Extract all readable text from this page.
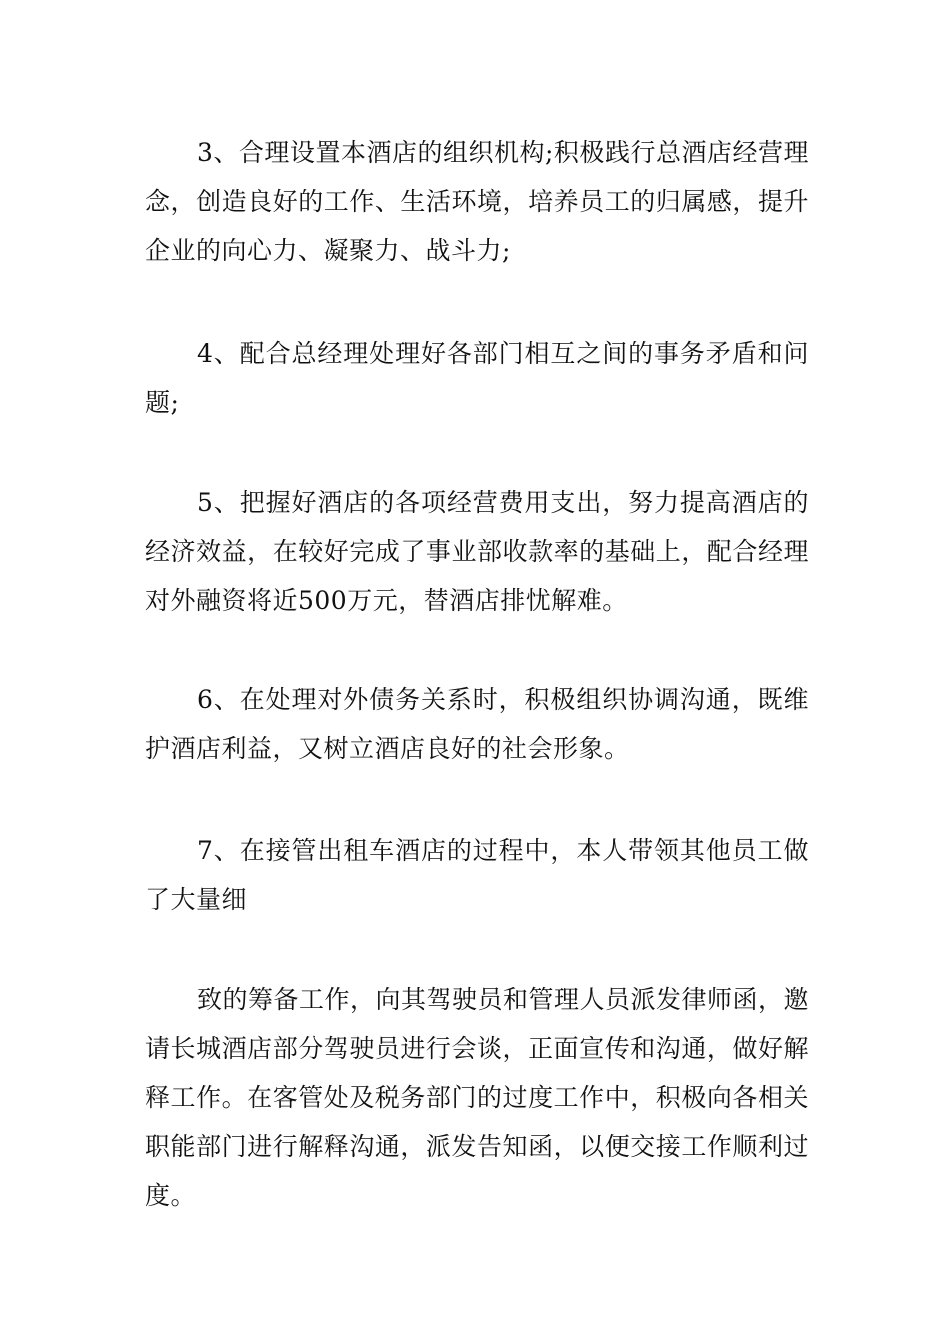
3、合理设置本酒店的组织机构;积极践行总酒店经营理念，创造良好的工作、生活环境，培养员工的归属感，提升企业的向心力、凝聚力、战斗力;

4、配合总经理处理好各部门相互之间的事务矛盾和问题;

5、把握好酒店的各项经营费用支出，努力提高酒店的经济效益，在较好完成了事业部收款率的基础上，配合经理对外融资将近500万元，替酒店排忧解难。

6、在处理对外债务关系时，积极组织协调沟通，既维护酒店利益，又树立酒店良好的社会形象。

7、在接管出租车酒店的过程中，本人带领其他员工做了大量细

致的筹备工作，向其驾驶员和管理人员派发律师函，邀请长城酒店部分驾驶员进行会谈，正面宣传和沟通，做好解释工作。在客管处及税务部门的过度工作中，积极向各相关职能部门进行解释沟通，派发告知函，以便交接工作顺利过度。
